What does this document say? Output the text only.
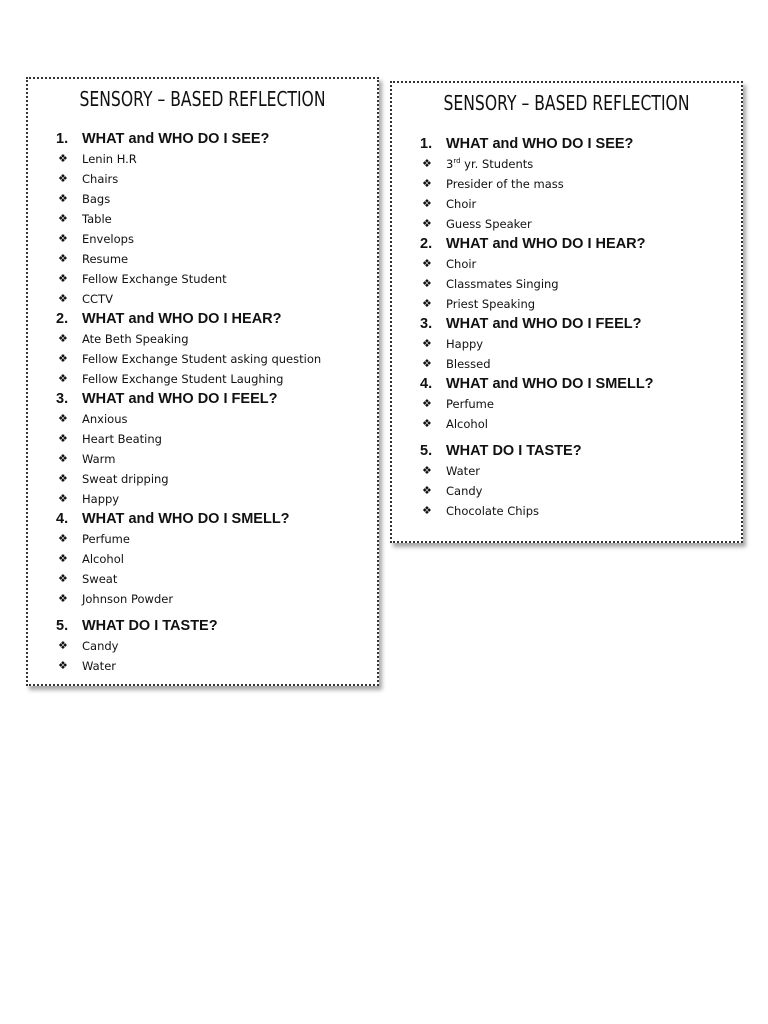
SENSORY – BASED REFLECTION
1. WHAT and WHO DO I SEE?
❖	Lenin H.R
❖	Chairs
❖	Bags
❖	Table
❖	Envelops
❖	Resume
❖	Fellow Exchange Student
❖	CCTV
2. WHAT and WHO DO I HEAR?
❖	Ate Beth Speaking
❖	Fellow Exchange Student asking question
❖	Fellow Exchange Student Laughing
3. WHAT and WHO DO I FEEL?
❖	Anxious
❖	Heart Beating
❖	Warm
❖	Sweat dripping
❖	Happy
4. WHAT and WHO DO I SMELL?
❖	Perfume
❖	Alcohol
❖	Sweat
❖	Johnson Powder
5. WHAT DO I TASTE?
❖	Candy
❖	Water
SENSORY – BASED REFLECTION
1. WHAT and WHO DO I SEE?
❖	3rd yr. Students
❖	Presider of the mass
❖	Choir
❖	Guess Speaker
2. WHAT and WHO DO I HEAR?
❖	Choir
❖	Classmates Singing
❖	Priest Speaking
3. WHAT and WHO DO I FEEL?
❖	Happy
❖	Blessed
4. WHAT and WHO DO I SMELL?
❖	Perfume
❖	Alcohol
5. WHAT DO I TASTE?
❖	Water
❖	Candy
❖	Chocolate Chips
